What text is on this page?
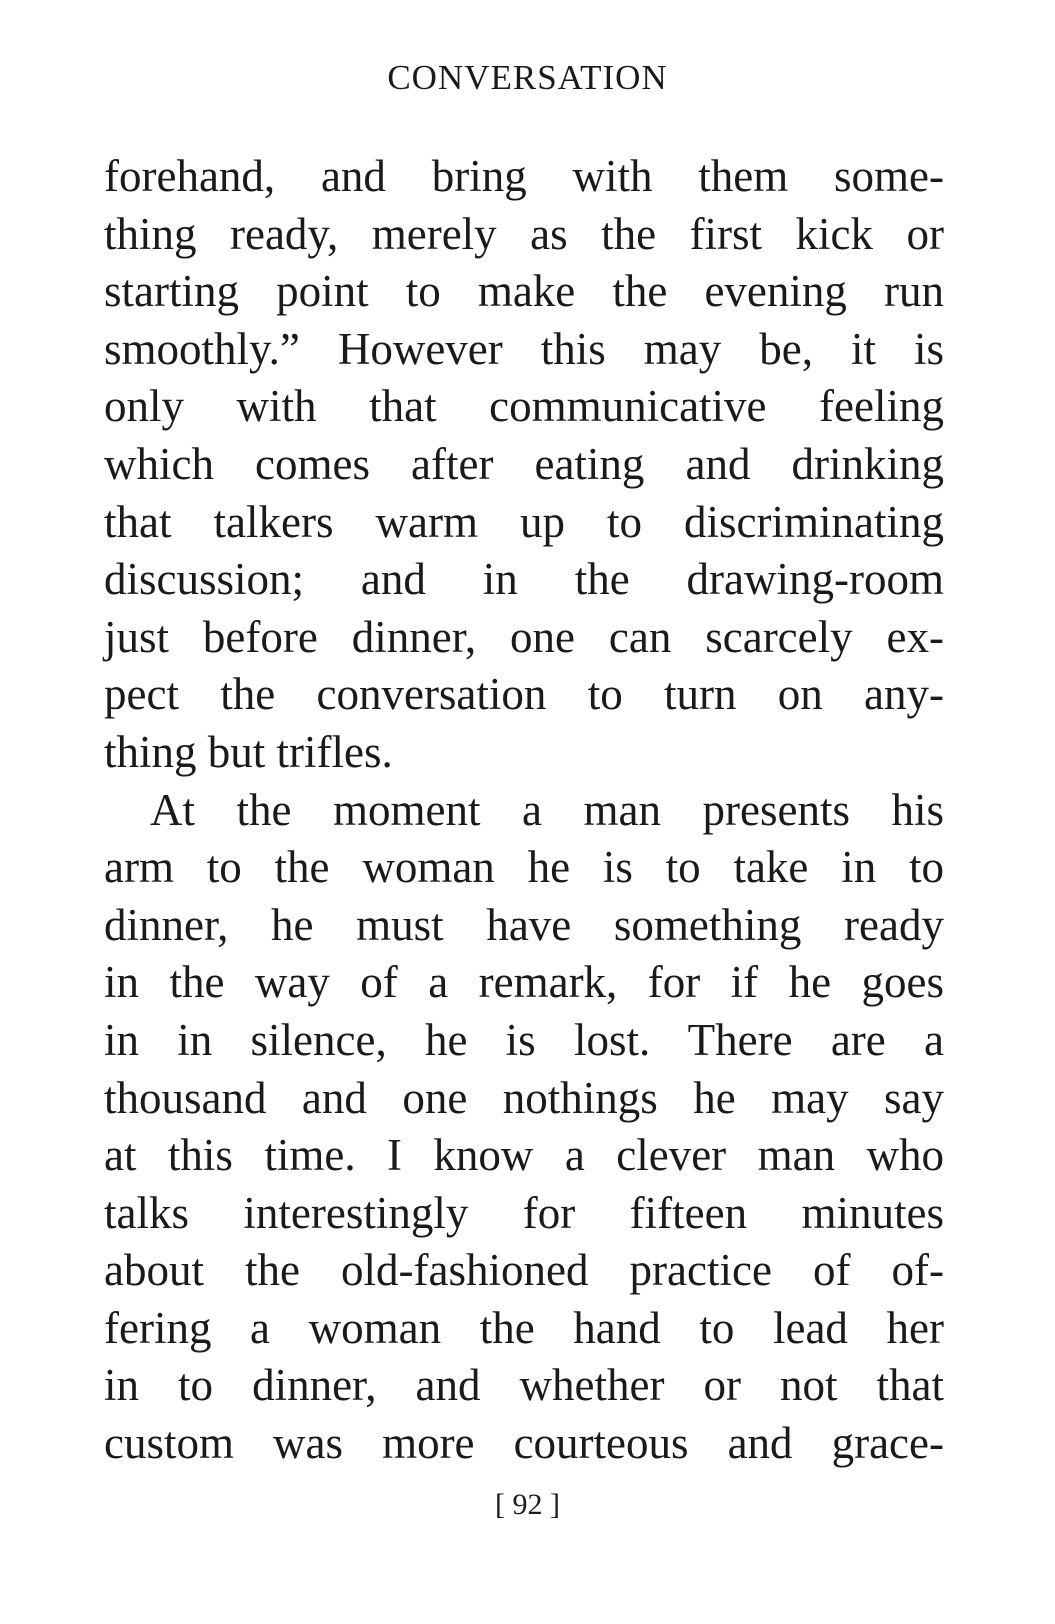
CONVERSATION
forehand, and bring with them some-
thing ready, merely as the first kick or
starting point to make the evening run
smoothly.” However this may be, it is
only with that communicative feeling
which comes after eating and drinking
that talkers warm up to discriminating
discussion; and in the drawing-room
just before dinner, one can scarcely ex-
pect the conversation to turn on any-
thing but trifles.
At the moment a man presents his
arm to the woman he is to take in to
dinner, he must have something ready
in the way of a remark, for if he goes
in in silence, he is lost. There are a
thousand and one nothings he may say
at this time. I know a clever man who
talks interestingly for fifteen minutes
about the old-fashioned practice of of-
fering a woman the hand to lead her
in to dinner, and whether or not that
custom was more courteous and grace-
[ 92 ]
